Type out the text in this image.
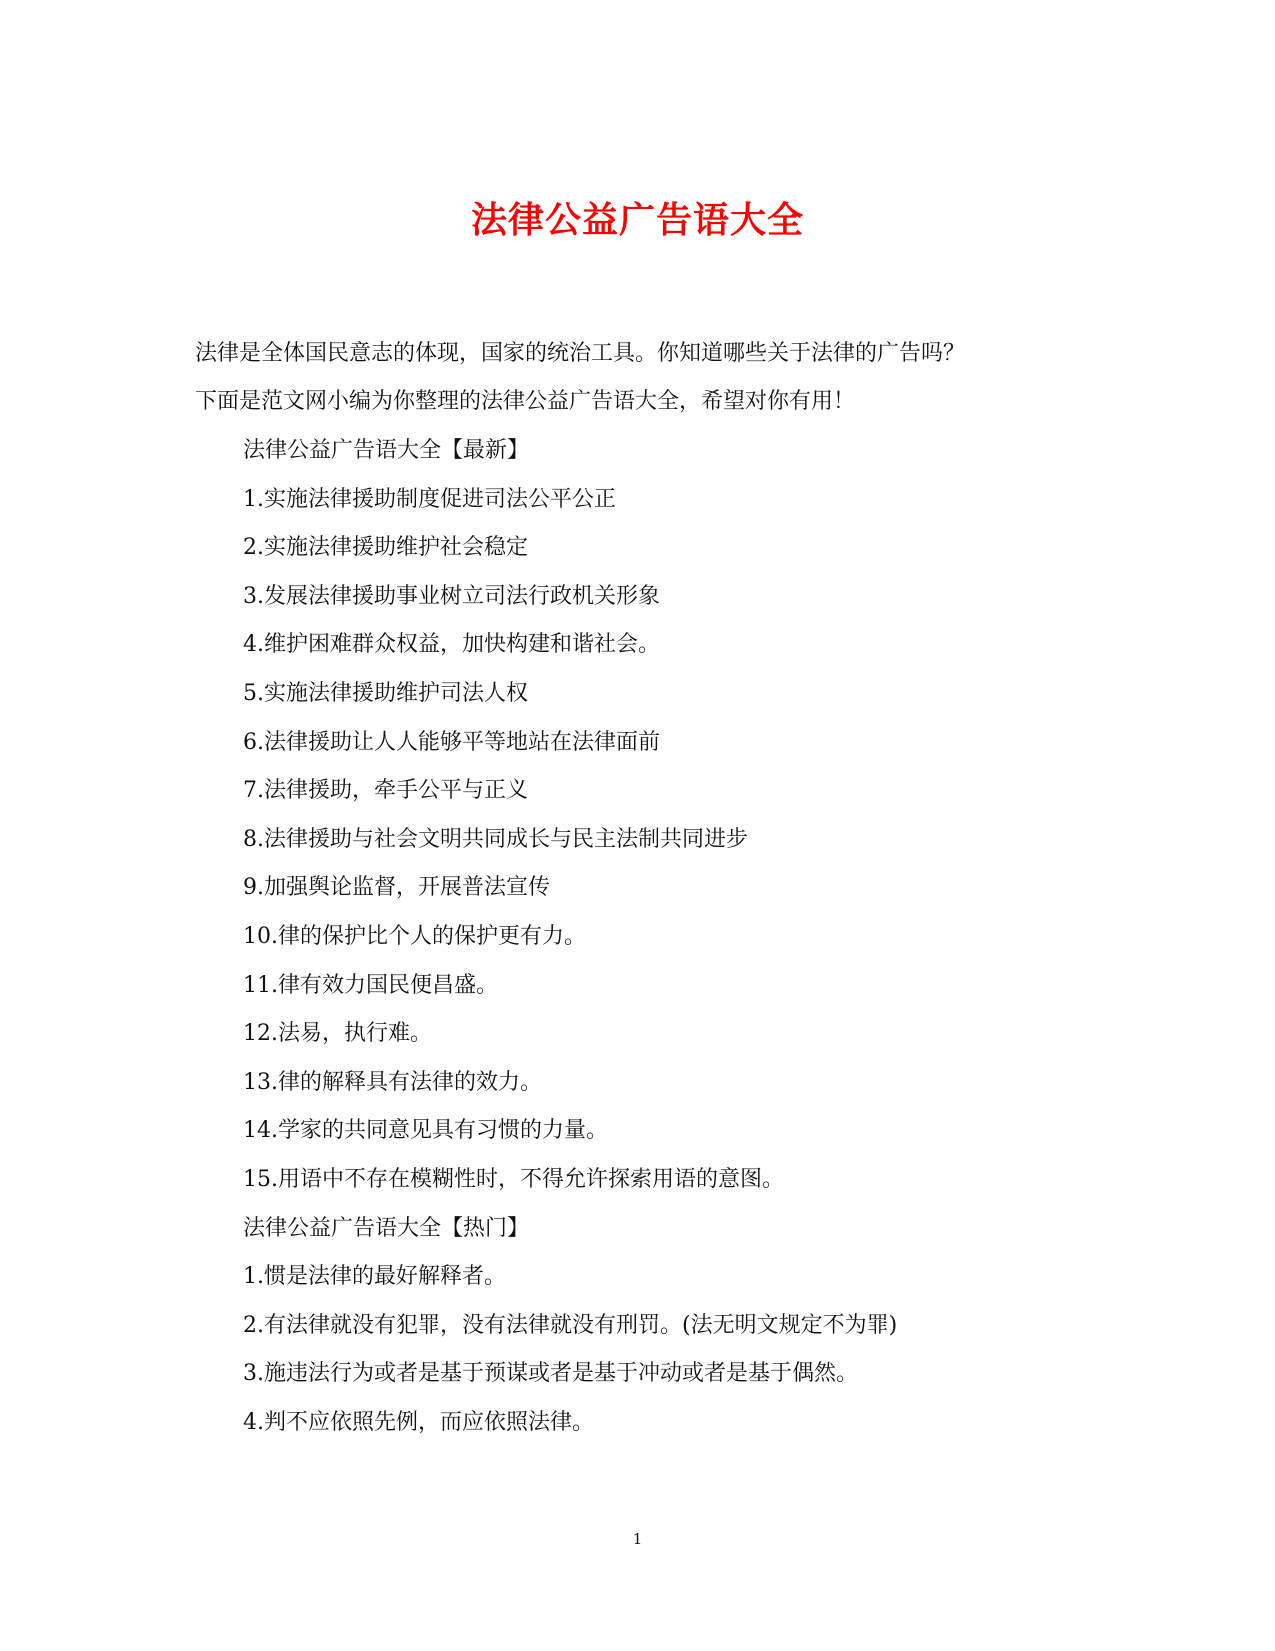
法律公益广告语大全

法律是全体国民意志的体现，国家的统治工具。你知道哪些关于法律的广告吗？

下面是范文网小编为你整理的法律公益广告语大全，希望对你有用！

法律公益广告语大全【最新】

1.实施法律援助制度促进司法公平公正

2.实施法律援助维护社会稳定

3.发展法律援助事业树立司法行政机关形象

4.维护困难群众权益，加快构建和谐社会。

5.实施法律援助维护司法人权

6.法律援助让人人能够平等地站在法律面前

7.法律援助，牵手公平与正义

8.法律援助与社会文明共同成长与民主法制共同进步

9.加强舆论监督，开展普法宣传

10.律的保护比个人的保护更有力。

11.律有效力国民便昌盛。

12.法易，执行难。

13.律的解释具有法律的效力。

14.学家的共同意见具有习惯的力量。

15.用语中不存在模糊性时，不得允许探索用语的意图。

法律公益广告语大全【热门】

1.惯是法律的最好解释者。

2.有法律就没有犯罪，没有法律就没有刑罚。(法无明文规定不为罪)

3.施违法行为或者是基于预谋或者是基于冲动或者是基于偶然。

4.判不应依照先例，而应依照法律。

1
